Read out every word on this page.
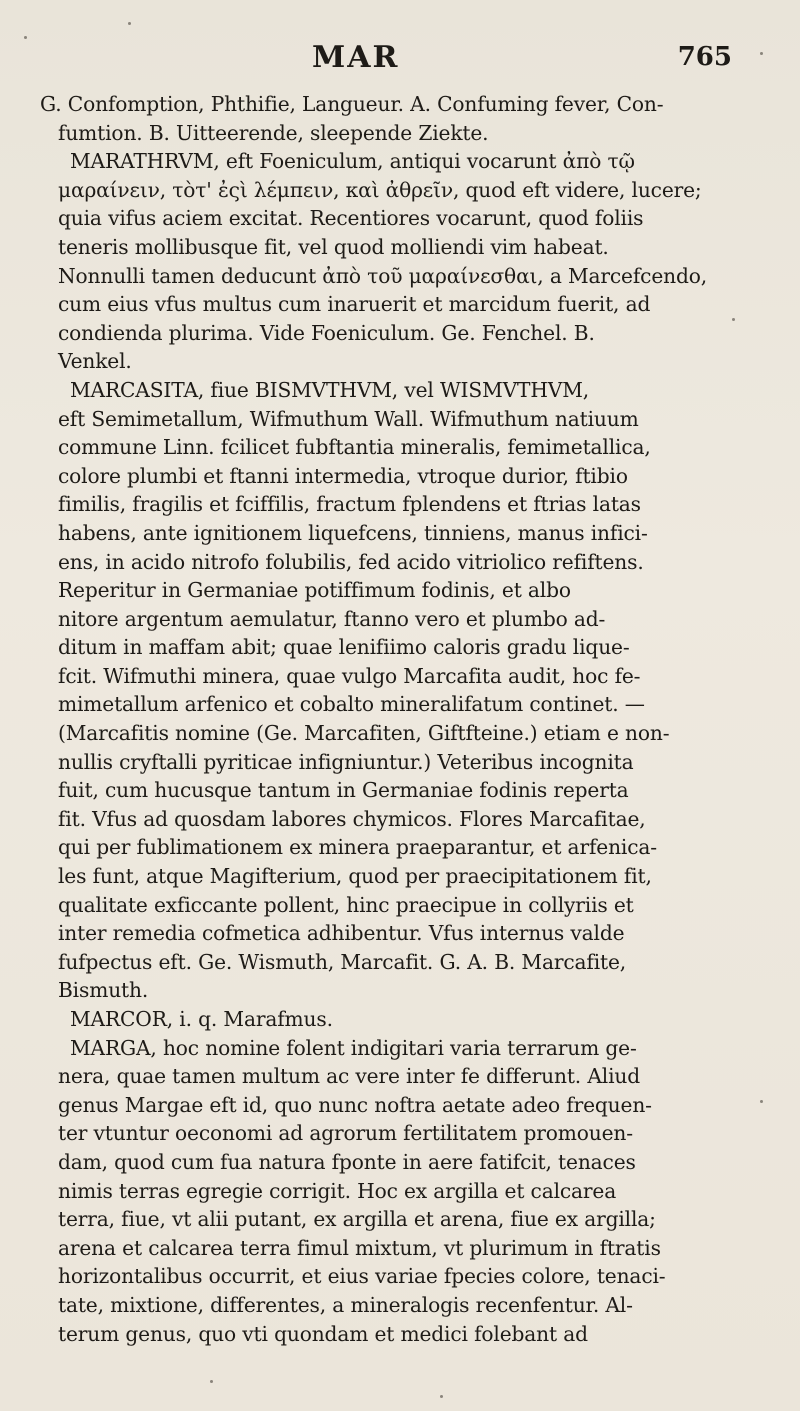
MAR	765
G. Confomption, Phthifie, Langueur. A. Confuming fever, Con-
fumtion. B. Uitteerende, sleepende Ziekte.
MARATHRVM, eft Foeniculum, antiqui vocarunt ἀπὸ τῷ
μαραίνειν, τὸτ' ἐςὶ λέμπειν, καὶ ἀθρεῖν, quod eft videre, lucere;
quia vifus aciem excitat. Recentiores vocarunt, quod foliis
teneris mollibusque fit, vel quod molliendi vim habeat.
Nonnulli tamen deducunt ἀπὸ τοῦ μαραίνεσθαι, a Marcefcendo,
cum eius vfus multus cum inaruerit et marcidum fuerit, ad
condienda plurima. Vide Foeniculum. Ge. Fenchel. B.
Venkel.
MARCASITA, fiue BISMVTHVM, vel WISMVTHVM,
eft Semimetallum, Wifmuthum Wall. Wifmuthum natiuum
commune Linn. fcilicet fubftantia mineralis, femimetallica,
colore plumbi et ftanni intermedia, vtroque durior, ftibio
fimilis, fragilis et fciffilis, fractum fplendens et ftrias latas
habens, ante ignitionem liquefcens, tinniens, manus infici-
ens, in acido nitrofo folubilis, fed acido vitriolico refiftens.
Reperitur in Germaniae potiffimum fodinis, et albo
nitore argentum aemulatur, ftanno vero et plumbo ad-
ditum in maffam abit; quae lenifiimo caloris gradu lique-
fcit. Wifmuthi minera, quae vulgo Marcafita audit, hoc fe-
mimetallum arfenico et cobalto mineralifatum continet. —
(Marcafitis nomine (Ge. Marcafiten, Giftfteine.) etiam e non-
nullis cryftalli pyriticae infigniuntur.) Veteribus incognita
fuit, cum hucusque tantum in Germaniae fodinis reperta
fit. Vfus ad quosdam labores chymicos. Flores Marcafitae,
qui per fublimationem ex minera praeparantur, et arfenica-
les funt, atque Magifterium, quod per praecipitationem fit,
qualitate exficcante pollent, hinc praecipue in collyriis et
inter remedia cofmetica adhibentur. Vfus internus valde
fufpectus eft. Ge. Wismuth, Marcafit. G. A. B. Marcafite,
Bismuth.
MARCOR, i. q. Marafmus.
MARGA, hoc nomine folent indigitari varia terrarum ge-
nera, quae tamen multum ac vere inter fe differunt. Aliud
genus Margae eft id, quo nunc noftra aetate adeo frequen-
ter vtuntur oeconomi ad agrorum fertilitatem promouen-
dam, quod cum fua natura fponte in aere fatifcit, tenaces
nimis terras egregie corrigit. Hoc ex argilla et calcarea
terra, fiue, vt alii putant, ex argilla et arena, fiue ex argilla;
arena et calcarea terra fimul mixtum, vt plurimum in ftratis
horizontalibus occurrit, et eius variae fpecies colore, tenaci-
tate, mixtione, differentes, a mineralogis recenfentur. Al-
terum genus, quo vti quondam et medici folebant ad
